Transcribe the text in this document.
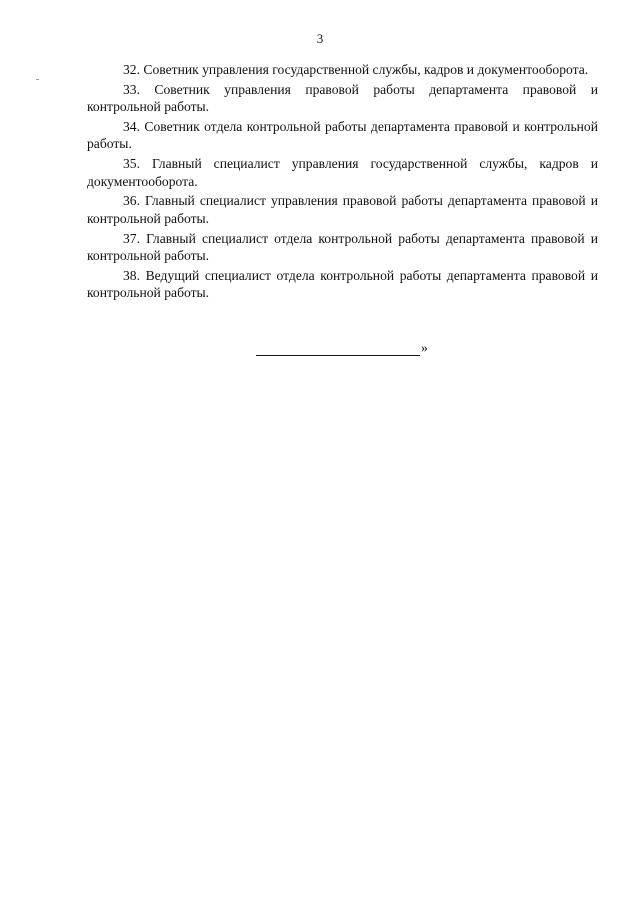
3

32. Советник управления государственной службы, кадров и документооборота.

33. Советник управления правовой работы департамента правовой и контрольной работы.

34. Советник отдела контрольной работы департамента правовой и контрольной работы.

35. Главный специалист управления государственной службы, кадров и документооборота.

36. Главный специалист управления правовой работы департамента правовой и контрольной работы.

37. Главный специалист отдела контрольной работы департамента правовой и контрольной работы.

38. Ведущий специалист отдела контрольной работы департамента правовой и контрольной работы.

»
